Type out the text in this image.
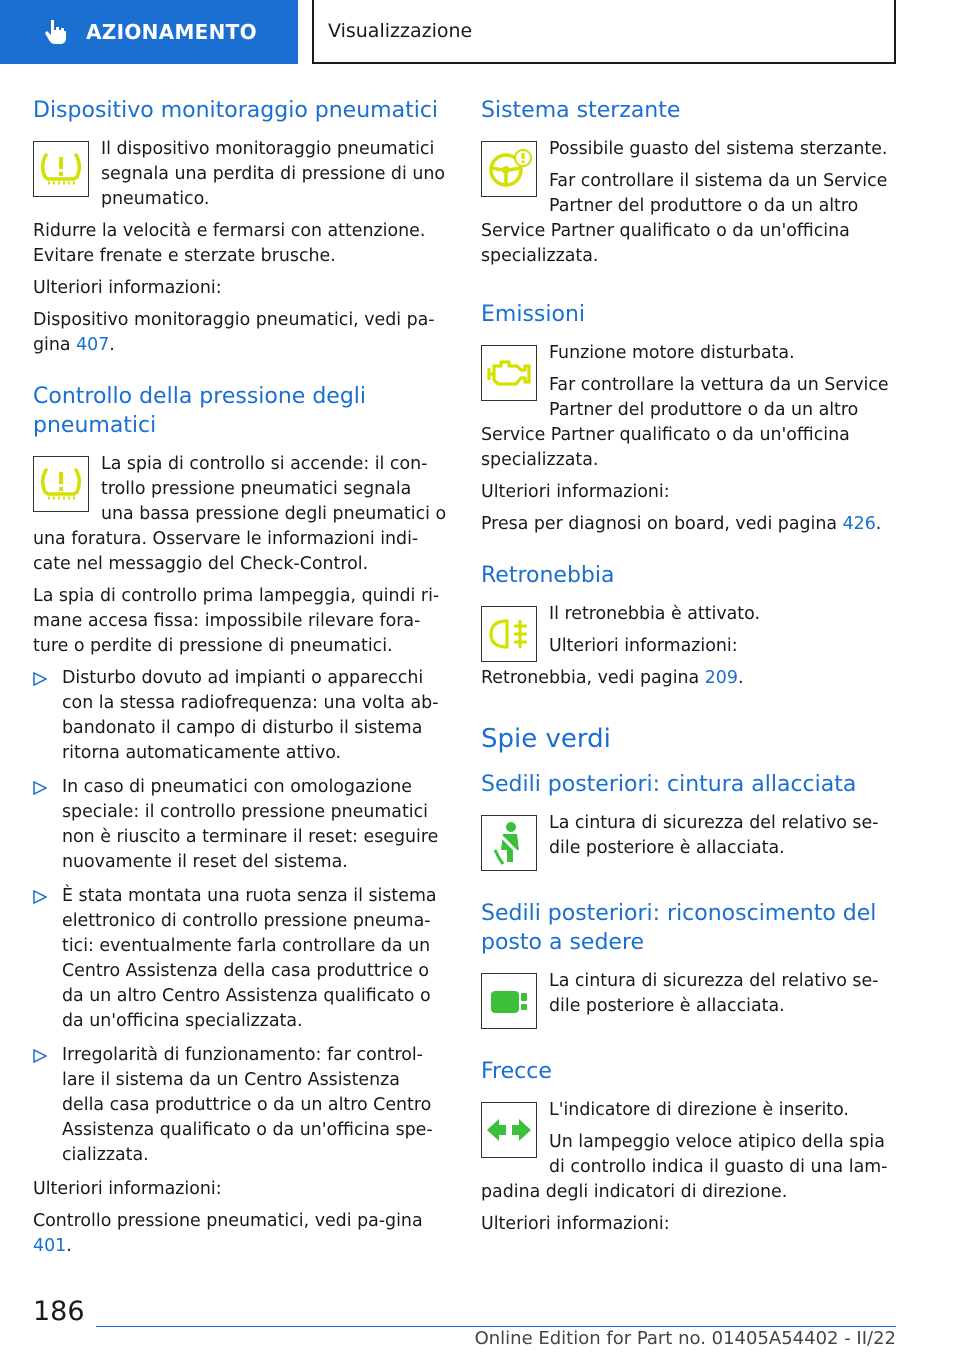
AZIONAMENTO	Visualizzazione
Dispositivo monitoraggio pneumatici

Il dispositivo monitoraggio pneumatici segnala una perdita di pressione di uno pneumatico.

Ridurre la velocità e fermarsi con attenzione. Evitare frenate e sterzate brusche.

Ulteriori informazioni:

Dispositivo monitoraggio pneumatici, vedi pa-gina 407.

Controllo della pressione degli pneumatici

La spia di controllo si accende: il con-trollo pressione pneumatici segnala una bassa pressione degli pneumatici o una foratura. Osservare le informazioni indi-cate nel messaggio del Check-Control.

La spia di controllo prima lampeggia, quindi ri-mane accesa fissa: impossibile rilevare fora-ture o perdite di pressione di pneumatici.

Disturbo dovuto ad impianti o apparecchi con la stessa radiofrequenza: una volta ab-bandonato il campo di disturbo il sistema ritorna automaticamente attivo.
In caso di pneumatici con omologazione speciale: il controllo pressione pneumatici non è riuscito a terminare il reset: eseguire nuovamente il reset del sistema.
È stata montata una ruota senza il sistema elettronico di controllo pressione pneuma-tici: eventualmente farla controllare da un Centro Assistenza della casa produttrice o da un altro Centro Assistenza qualificato o da un'officina specializzata.
Irregolarità di funzionamento: far control-lare il sistema da un Centro Assistenza della casa produttrice o da un altro Centro Assistenza qualificato o da un'officina spe-cializzata.

Ulteriori informazioni:

Controllo pressione pneumatici, vedi pa-gina 401.

Sistema sterzante

Possibile guasto del sistema sterzante.

Far controllare il sistema da un Service Partner del produttore o da un altro Service Partner qualificato o da un'officina specializzata.

Emissioni

Funzione motore disturbata.

Far controllare la vettura da un Service Partner del produttore o da un altro Service Partner qualificato o da un'officina specializzata.

Ulteriori informazioni:

Presa per diagnosi on board, vedi pagina 426.

Retronebbia

Il retronebbia è attivato.

Ulteriori informazioni:

Retronebbia, vedi pagina 209.

Spie verdi
Sedili posteriori: cintura allacciata

La cintura di sicurezza del relativo se-dile posteriore è allacciata.

Sedili posteriori: riconoscimento del posto a sedere

La cintura di sicurezza del relativo se-dile posteriore è allacciata.

Frecce

L'indicatore di direzione è inserito.

Un lampeggio veloce atipico della spia di controllo indica il guasto di una lam-padina degli indicatori di direzione.

Ulteriori informazioni:

186
Online Edition for Part no. 01405A54402 - II/22
